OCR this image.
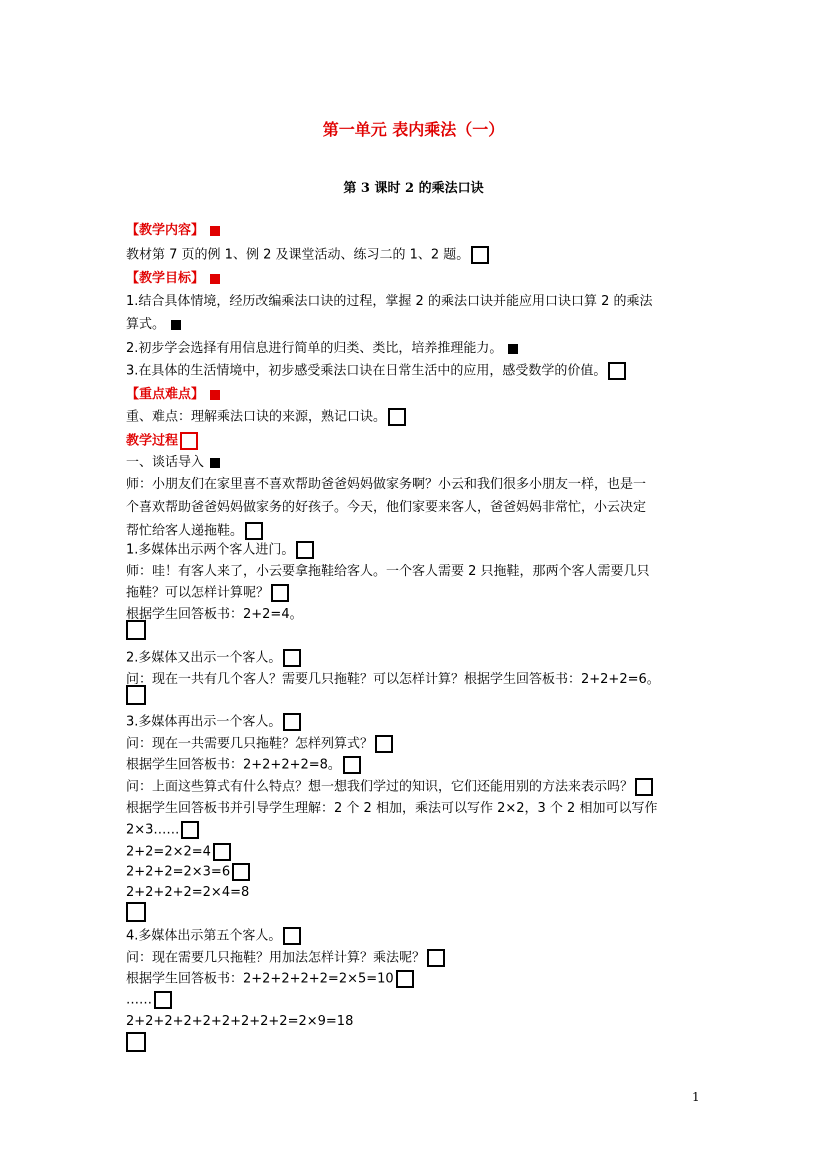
第一单元 表内乘法（一）
第 3 课时 2 的乘法口诀
【教学内容】
教材第 7 页的例 1、例 2 及课堂活动、练习二的 1、2 题。
【教学目标】
1.结合具体情境，经历改编乘法口诀的过程，掌握 2 的乘法口诀并能应用口诀口算 2 的乘法
算式。
2.初步学会选择有用信息进行简单的归类、类比，培养推理能力。
3.在具体的生活情境中，初步感受乘法口诀在日常生活中的应用，感受数学的价值。
【重点难点】
重、难点：理解乘法口诀的来源，熟记口诀。
教学过程
一、谈话导入
师：小朋友们在家里喜不喜欢帮助爸爸妈妈做家务啊？小云和我们很多小朋友一样，也是一
个喜欢帮助爸爸妈妈做家务的好孩子。今天，他们家要来客人，爸爸妈妈非常忙，小云决定
帮忙给客人递拖鞋。
1.多媒体出示两个客人进门。
师：哇！有客人来了，小云要拿拖鞋给客人。一个客人需要 2 只拖鞋，那两个客人需要几只
拖鞋？可以怎样计算呢？
根据学生回答板书：2+2=4。
2.多媒体又出示一个客人。
问：现在一共有几个客人？需要几只拖鞋？可以怎样计算？根据学生回答板书：2+2+2=6。
3.多媒体再出示一个客人。
问：现在一共需要几只拖鞋？怎样列算式？
根据学生回答板书：2+2+2+2=8。
问：上面这些算式有什么特点？想一想我们学过的知识，它们还能用别的方法来表示吗？
根据学生回答板书并引导学生理解：2 个 2 相加，乘法可以写作 2×2，3 个 2 相加可以写作
2×3……
2+2=2×2=4
2+2+2=2×3=6
2+2+2+2=2×4=8
4.多媒体出示第五个客人。
问：现在需要几只拖鞋？用加法怎样计算？乘法呢？
根据学生回答板书：2+2+2+2+2=2×5=10
……
2+2+2+2+2+2+2+2+2=2×9=18
1
